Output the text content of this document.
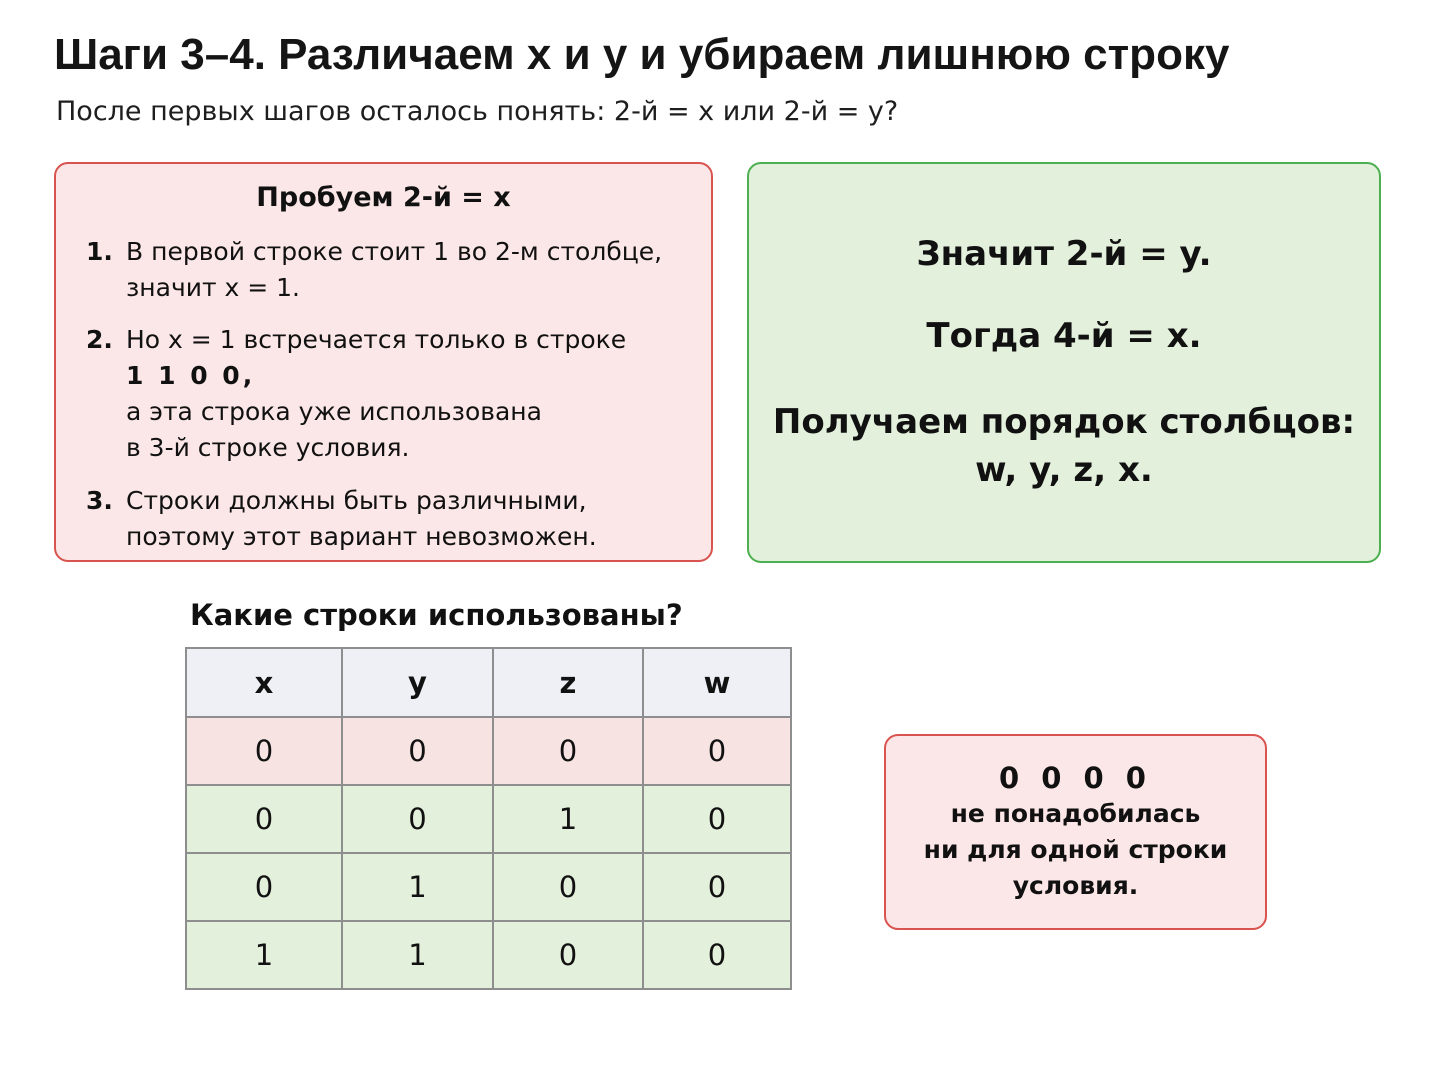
Шаги 3–4. Различаем x и y и убираем лишнюю строку
После первых шагов осталось понять: 2-й = x или 2-й = y?
Пробуем 2-й = x
1. В первой строке стоит 1 во 2-м столбце,
значит x = 1.
2. Но x = 1 встречается только в строке
1 1 0 0,
а эта строка уже использована
в 3-й строке условия.
3. Строки должны быть различными,
поэтому этот вариант невозможен.
Значит 2-й = y.
Тогда 4-й = x.
Получаем порядок столбцов:
w, y, z, x.
Какие строки использованы?
x	y	z	w
0	0	0	0
0	0	1	0
0	1	0	0
1	1	0	0
0 0 0 0
не понадобилась
ни для одной строки
условия.
